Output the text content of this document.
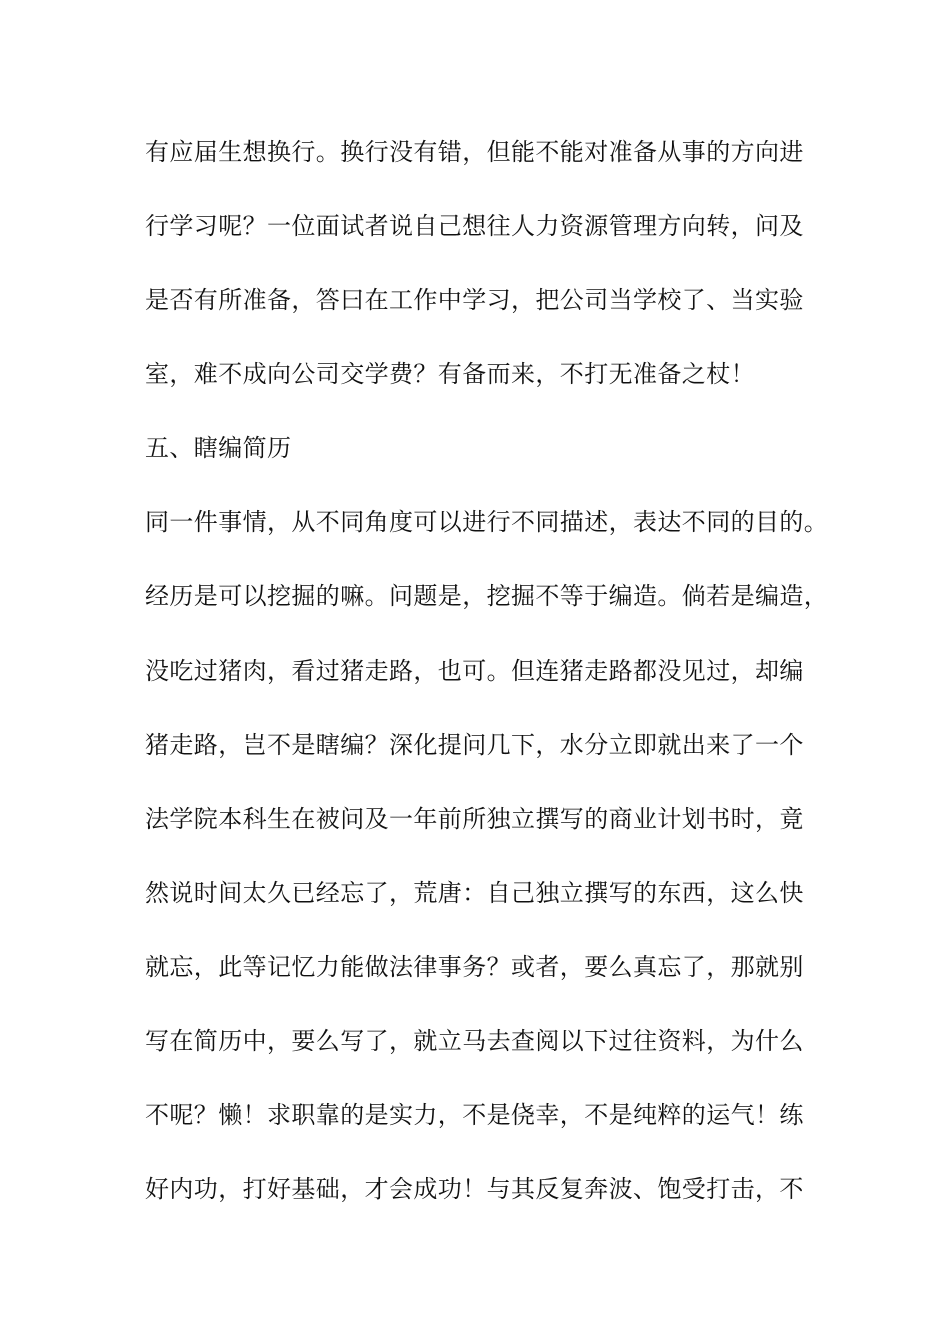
有应届生想换行。换行没有错，但能不能对准备从事的方向进
行学习呢？一位面试者说自己想往人力资源管理方向转，问及
是否有所准备，答曰在工作中学习，把公司当学校了、当实验
室，难不成向公司交学费？有备而来，不打无准备之杖！
五、瞎编简历
同一件事情，从不同角度可以进行不同描述，表达不同的目的。
经历是可以挖掘的嘛。问题是，挖掘不等于编造。倘若是编造，
没吃过猪肉，看过猪走路，也可。但连猪走路都没见过，却编
猪走路，岂不是瞎编？深化提问几下，水分立即就出来了一个
法学院本科生在被问及一年前所独立撰写的商业计划书时，竟
然说时间太久已经忘了，荒唐：自己独立撰写的东西，这么快
就忘，此等记忆力能做法律事务？或者，要么真忘了，那就别
写在简历中，要么写了，就立马去查阅以下过往资料，为什么
不呢？懒！求职靠的是实力，不是侥幸，不是纯粹的运气！练
好内功，打好基础，才会成功！与其反复奔波、饱受打击，不
